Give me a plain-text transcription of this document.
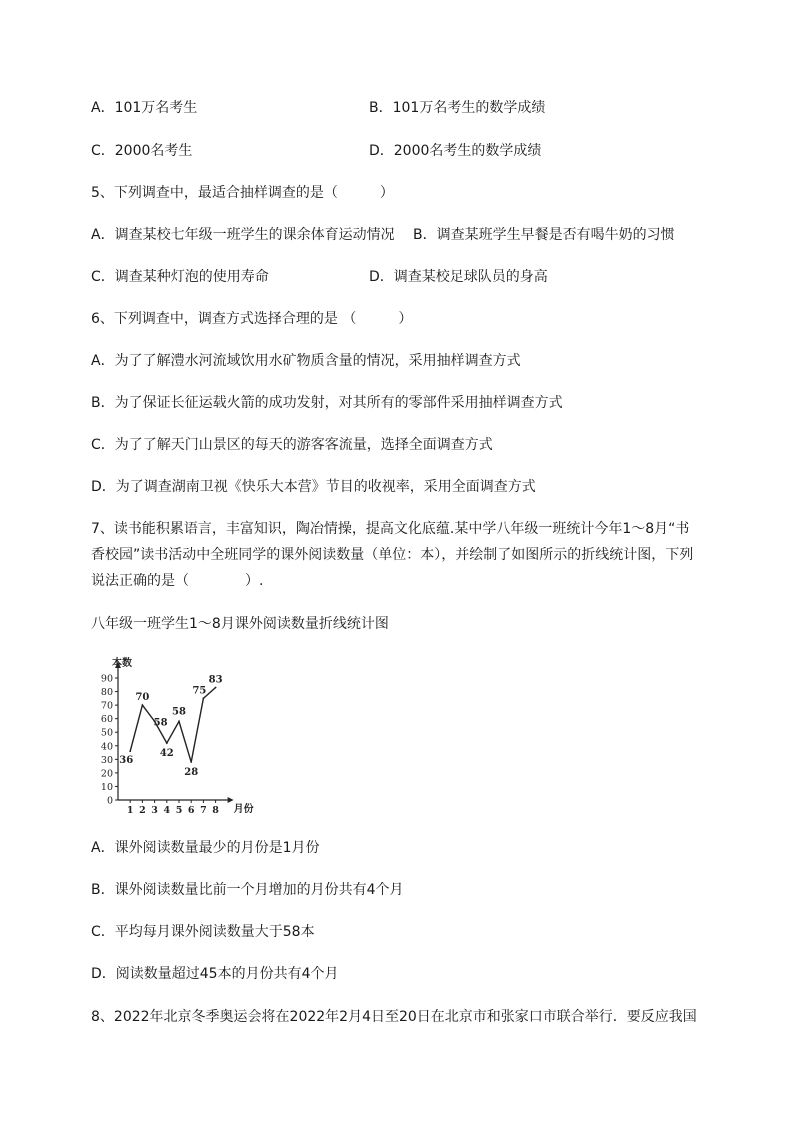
A．101万名考生	B．101万名考生的数学成绩
C．2000名考生	D．2000名考生的数学成绩
5、下列调查中，最适合抽样调查的是（　　　）
A．调查某校七年级一班学生的课余体育运动情况　 B．调查某班学生早餐是否有喝牛奶的习惯
C．调查某种灯泡的使用寿命	D．调查某校足球队员的身高
6、下列调查中，调查方式选择合理的是 （　　　）
A．为了了解澧水河流域饮用水矿物质含量的情况，采用抽样调查方式
B．为了保证长征运载火箭的成功发射，对其所有的零部件采用抽样调查方式
C．为了了解天门山景区的每天的游客客流量，选择全面调查方式
D．为了调查湖南卫视《快乐大本营》节目的收视率，采用全面调查方式
7、读书能积累语言，丰富知识，陶冶情操，提高文化底蕴.某中学八年级一班统计今年1～8月“书
香校园”读书活动中全班同学的课外阅读数量（单位：本），并绘制了如图所示的折线统计图，下列
说法正确的是（　　　　）.
八年级一班学生1～8月课外阅读数量折线统计图
0
10
20
30
40
50
60
70
80
90
1 2 3 4 5 6 7 8
本数
月份
36
70
58
42
58
28
75
83
A．课外阅读数量最少的月份是1月份
B．课外阅读数量比前一个月增加的月份共有4个月
C．平均每月课外阅读数量大于58本
D．阅读数量超过45本的月份共有4个月
8、2022年北京冬季奥运会将在2022年2月4日至20日在北京市和张家口市联合举行．要反应我国
